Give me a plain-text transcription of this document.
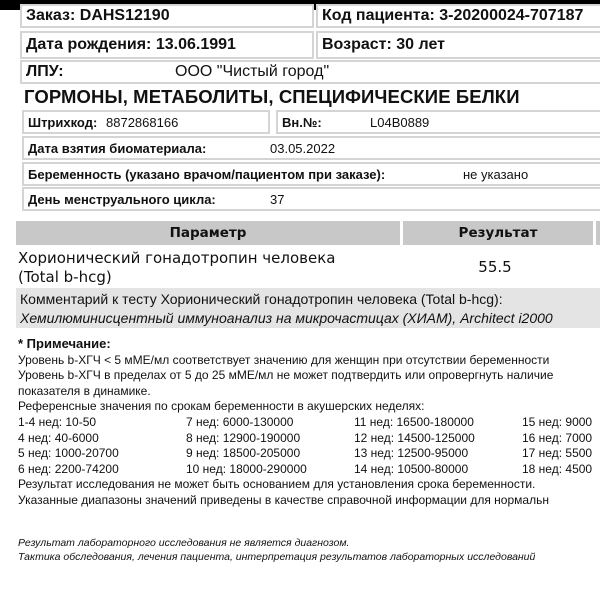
Заказ:
DAHS12190	Код пациента:
3-20200024-707187
Дата рождения:
13.06.1991	Возраст:
30 лет
ЛПУ:	ООО "Чистый город"
ГОРМОНЫ, МЕТАБОЛИТЫ, СПЕЦИФИЧЕСКИЕ БЕЛКИ
Штрихкод: 8872868166	Вн.№:	L04B0889
Дата взятия биоматериала:	03.05.2022
Беременность (указано врачом/пациентом при заказе):	не указано
День менструального цикла:	37
Параметр	Результат
Хорионический гонадотропин человека (Total b-hcg)
55.5
Комментарий к тесту Хорионический гонадотропин человека (Total b-hcg):
Хемилюминисцентный иммуноанализ на микрочастицах (ХИАМ), Architect i2000
* Примечание:
Уровень b-ХГЧ < 5 мМЕ/мл соответствует значению для женщин при отсутствии беременности
Уровень b-ХГЧ в пределах от 5 до 25 мМЕ/мл не может подтвердить или опровергнуть наличие
показателя в динамике.
Референсные значения по срокам беременности в акушерских неделях:
1-4 нед: 10-50	7 нед: 6000-130000	11 нед: 16500-180000	15 нед: 9000
4 нед: 40-6000	8 нед: 12900-190000	12 нед: 14500-125000	16 нед: 7000
5 нед: 1000-20700	9 нед: 18500-205000	13 нед: 12500-95000	17 нед: 5500
6 нед: 2200-74200	10 нед: 18000-290000	14 нед: 10500-80000	18 нед: 4500
Результат исследования не может быть основанием для установления срока беременности.
Указанные диапазоны значений приведены в качестве справочной информации для нормальн
Результат лабораторного исследования не является диагнозом.
Тактика обследования, лечения пациента, интерпретация результатов лабораторных исследований
